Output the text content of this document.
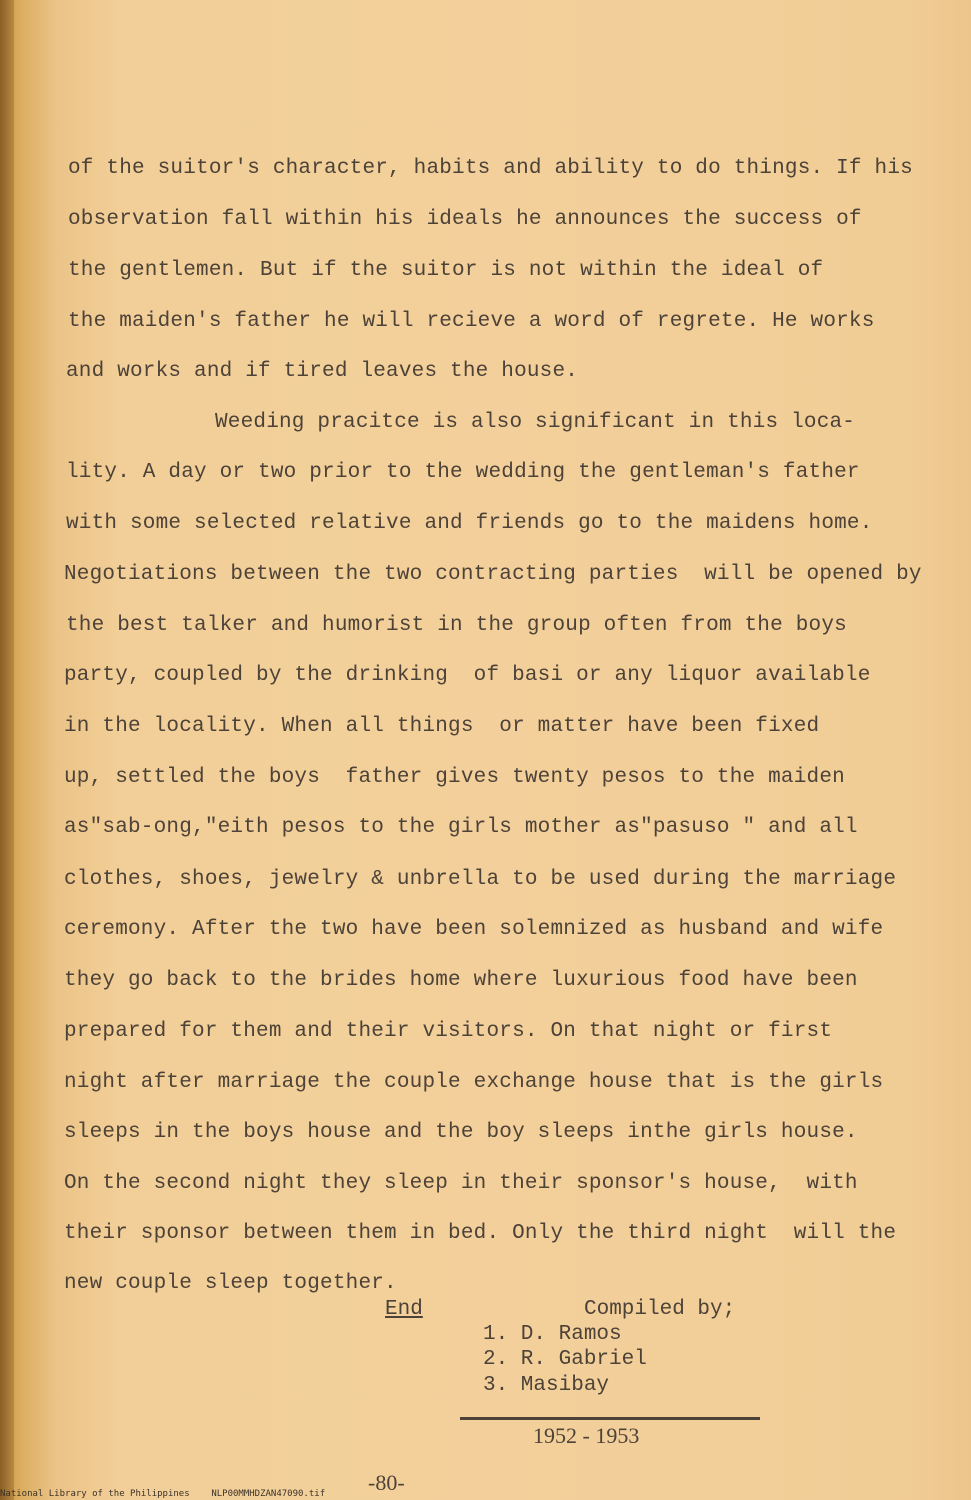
of the suitor's character, habits and ability to do things. If his
observation fall within his ideals he announces the success of
the gentlemen. But if the suitor is not within the ideal of
the maiden's father he will recieve a word of regrete. He works
and works and if tired leaves the house.
Weeding pracitce is also significant in this loca-
lity. A day or two prior to the wedding the gentleman's father
with some selected relative and friends go to the maidens home.
Negotiations between the two contracting parties  will be opened by
the best talker and humorist in the group often from the boys
party, coupled by the drinking  of basi or any liquor available
in the locality. When all things  or matter have been fixed
up, settled the boys  father gives twenty pesos to the maiden
as"sab-ong,"eith pesos to the girls mother as"pasuso " and all
clothes, shoes, jewelry & unbrella to be used during the marriage
ceremony. After the two have been solemnized as husband and wife
they go back to the brides home where luxurious food have been
prepared for them and their visitors. On that night or first
night after marriage the couple exchange house that is the girls
sleeps in the boys house and the boy sleeps inthe girls house.
On the second night they sleep in their sponsor's house,  with
their sponsor between them in bed. Only the third night  will the
new couple sleep together.
End	Compiled by;
1. D. Ramos
2. R. Gabriel
3. Masibay
1952 - 1953
-80-
National Library of the Philippines    NLP00MMHDZAN47090.tif
